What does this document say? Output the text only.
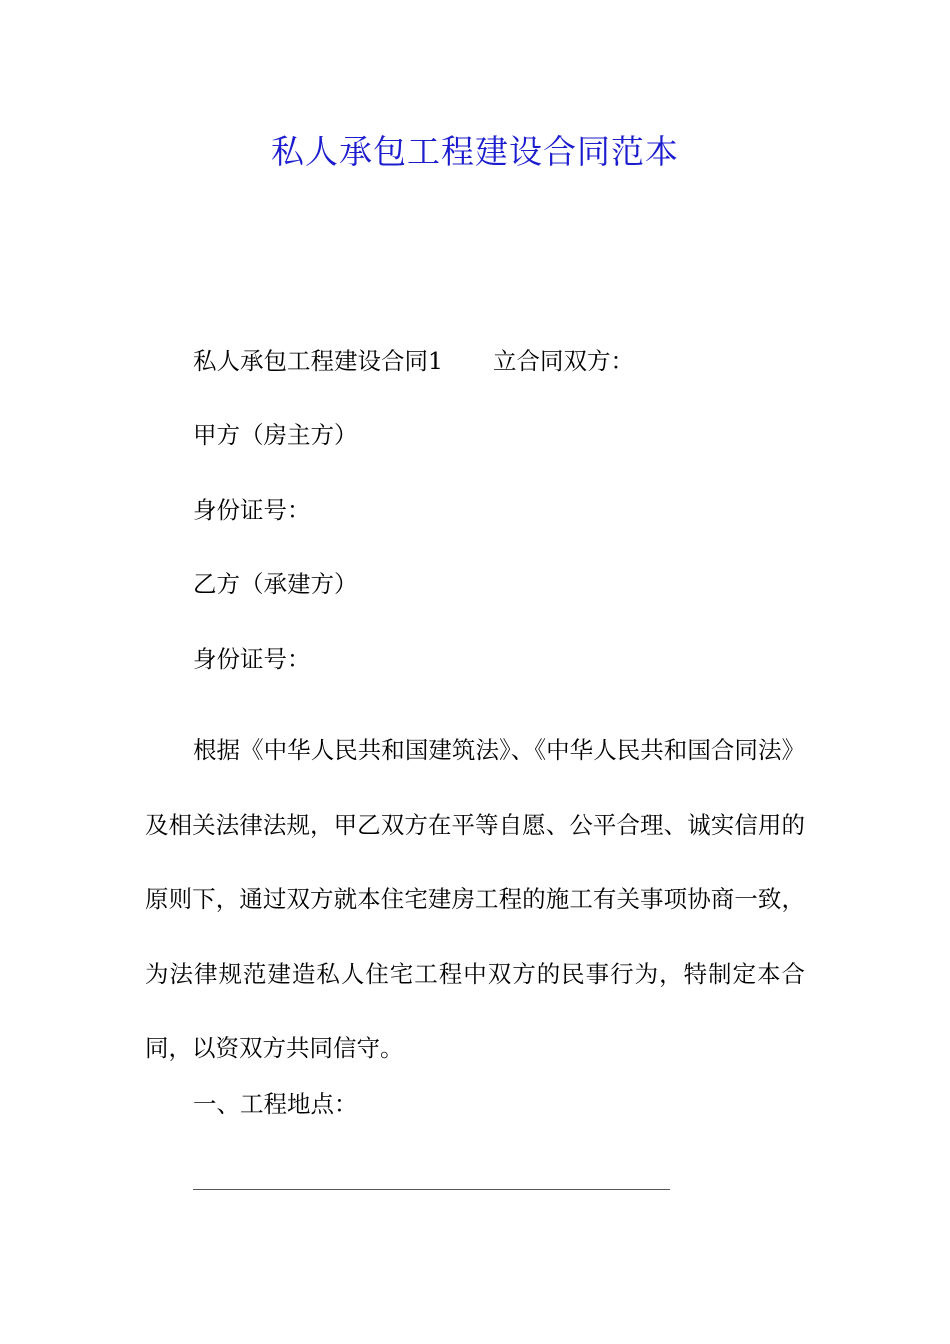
私人承包工程建设合同范本
私人承包工程建设合同1 立合同双方：
甲方（房主方）
身份证号：
乙方（承建方）
身份证号：
根据《中华人民共和国建筑法》、《中华人民共和国合同法》及相关法律法规，甲乙双方在平等自愿、公平合理、诚实信用的原则下，通过双方就本住宅建房工程的施工有关事项协商一致，为法律规范建造私人住宅工程中双方的民事行为，特制定本合同，以资双方共同信守。
一、工程地点：
